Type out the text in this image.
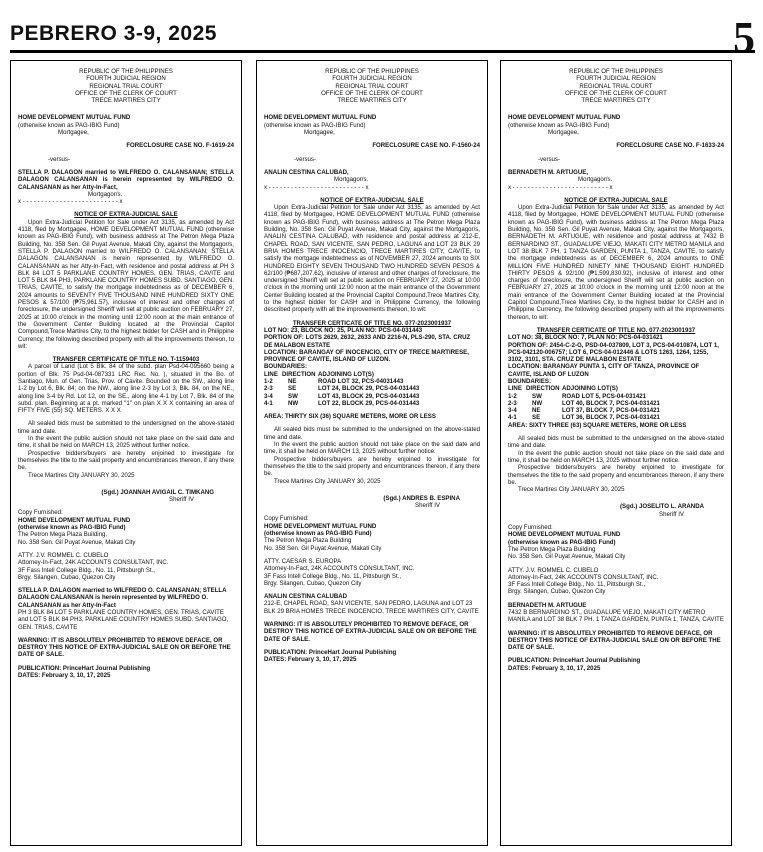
PEBRERO 3-9, 2025	5

REPUBLIC OF THE PHILIPPINES

FOURTH JUDICIAL REGION

REGIONAL TRIAL COURT

OFFICE OF THE CLERK OF COURT

TRECE MARTIRES CITY

HOME DEVELOPMENT MUTUAL FUND

(otherwise known as PAG-IBIG Fund)

Mortgagee,

FORECLOSURE CASE NO. F-1619-24

-versus-

STELLA P. DALAGON married to WILFREDO O. CALANSANAN; STELLA DALAGON CALANSANAN is herein represented by WILFREDO O. CALANSANAN as her Atty-In-Fact,

Mortgagor/s.

x - - - - - - - - - - - - - - - - - - - - - - - - - - x

NOTICE OF EXTRA-JUDICIAL SALE

Upon Extra-Judicial Petition for Sale under Act 3135, as amended by Act 4118, filed by Mortgagee, HOME DEVELOPMENT MUTUAL FUND (otherwise known as PAG-IBIG Fund), with business address at The Petron Mega Plaza Building, No. 358 Sen. Gil Puyat Avenue, Makati City, against the Mortgagor/s, STELLA P. DALAGON married to WILFREDO O. CALANSANAN; STELLA DALAGON CALANSANAN is herein represented by WILFREDO O. CALANSANAN as her Atty-In-Fact, with residence and postal address at PH 3 BLK 84 LOT 5 PARKLANE COUNTRY HOMES, GEN. TRIAS, CAVITE and LOT 5 BLK 84 PH3, PARKLANE COUNTRY HOMES SUBD. SANTIAGO, GEN. TRIAS, CAVITE, to satisfy the mortgage indebtedness as of DECEMBER 6, 2024 amounts to SEVENTY FIVE THOUSAND NINE HUNDRED SIXTY ONE PESOS & 57/100 (₱75,961.57), inclusive of interest and other charges of foreclosure, the undersigned Sheriff will set at public auction on FEBRUARY 27, 2025 at 10:00 o'clock in the morning until 12:00 noon at the main entrance of the Government Center Building located at the Provincial Capitol Compound,Trece Martires City, to the highest bidder for CASH and in Philippine Currency, the following described property with all the improvements thereon, to wit:

TRANSFER CERTIFICATE OF TITLE NO. T-1159403

A parcel of Land (Lot 5 Blk. 84 of the subd. plan Psd-04-095660 being a portion of Blk. 75 Psd-04-087331 LRC Rec. No. ), situated in the Bo. of Santiago, Mun. of Gen. Trias, Prov. of Cavite. Bounded on the SW., along line 1-2 by Lot 6, Blk. 84; on the NW., along line 2-3 by Lot 3, Blk. 84, on the NE., along line 3-4 by Rd. Lot 12, on the SE., along line 4-1 by Lot 7, Blk. 84 of the subd. plan. Beginning at a pt. marked "1" on plan X X X containing an area of FIFTY FIVE (55) SQ. METERS. X X X

All sealed bids must be submitted to the undersigned on the above-stated time and date.

In the event the public auction should not take place on the said date and time, it shall be held on MARCH 13, 2025 without further notice.

Prospective bidders/buyers are hereby enjoined to investigate for themselves the title to the said property and encumbrances thereon, if any there be.

Trece Martires City JANUARY 30, 2025

(Sgd.) JOANNAH AVIGAIL C. TIMKANG

Sheriff IV

Copy Furnished:

HOME DEVELOPMENT MUTUAL FUND

(otherwise known as PAG-IBIG Fund)

The Petron Mega Plaza Building,

No. 358 Sen. Gil Puyat Avenue, Makati City

ATTY. J.V. ROMMEL C. CUBELO

Attorney-In-Fact, 24K ACCOUNTS CONSULTANT, INC.

3F Fass Intell College Bldg., No. 11, Pittsburgh St.,

Brgy. Silangen, Cubao, Quezon City

STELLA P. DALAGON married to WILFREDO O. CALANSANAN; STELLA DALAGON CALANSANAN is herein represented by WILFREDO O. CALANSANAN as her Atty-In-Fact

PH 3 BLK 84 LOT 5 PARKLANE COUNTRY HOMES, GEN. TRIAS, CAVITE and LOT 5 BLK 84 PH3, PARKLANE COUNTRY HOMES SUBD. SANTIAGO, GEN. TRIAS, CAVITE

WARNING: IT IS ABSOLUTELY PROHIBITED TO REMOVE DEFACE, OR DESTROY THIS NOTICE OF EXTRA-JUDICIAL SALE ON OR BEFORE THE DATE OF SALE.

PUBLICATION: PrinceHart Journal Publishing

DATES: February 3, 10, 17, 2025

REPUBLIC OF THE PHILIPPINES

FOURTH JUDICIAL REGION

REGIONAL TRIAL COURT

OFFICE OF THE CLERK OF COURT

TRECE MARTIRES CITY

HOME DEVELOPMENT MUTUAL FUND

(otherwise known as PAG-IBIG Fund)

Mortgagee,

FORECLOSURE CASE NO. F-1560-24

-versus-

ANALIN CESTINA CALUBAD,

Mortgagor/s.

x - - - - - - - - - - - - - - - - - - - - - - - - - - x

NOTICE OF EXTRA-JUDICIAL SALE

Upon Extra-Judicial Petition for Sale under Act 3135, as amended by Act 4118, filed by Mortgagee, HOME DEVELOPMENT MUTUAL FUND (otherwise known as PAG-IBIG Fund), with business address at The Petron Mega Plaza Building, No. 358 Sen. Gil Puyat Avenue, Makati City, against the Mortgagor/s, ANALIN CESTINA CALUBAD, with residence and postal address at 212-E, CHAPEL ROAD, SAN VICENTE, SAN PEDRO, LAGUNA and LOT 23 BLK 29 BRIA HOMES TRECE INOCENCIO, TRECE MARTIRES CITY, CAVITE, to satisfy the mortgage indebtedness as of NOVEMBER 27, 2024 amounts to SIX HUNDRED EIGHTY SEVEN THOUSAND TWO HUNDRED SEVEN PESOS & 62/100 (₱687,207.62), inclusive of interest and other charges of foreclosure, the undersigned Sheriff will set at public auction on FEBRUARY 27, 2025 at 10:00 o'clock in the morning until 12:00 noon at the main entrance of the Government Center Building located at the Provincial Capitol Compound,Trece Martires City, to the highest bidder for CASH and in Philippine Currency, the following described property with all the improvements thereon, to wit:

TRANSFER CERTICATE OF TITLE NO. 077-2023001937

LOT NO: 23, BLOCK NO: 25, PLAN NO: PCS-04-031443

PORTION OF: LOTS 2629, 2632, 2633 AND 2216-N, PLS-290, STA. CRUZ DE MALABON ESTATE

LOCATION: BARANGAY OF INOCENCIO, CITY OF TRECE MARTIRESE, PROVINCE OF CAVITE, ISLAND OF LUZON.

BOUNDARIES:

LINE DIRECTION ADJOINING LOT(S)
1-2	NE	ROAD LOT 32, PCS-04031443
2-3	SE	LOT 24, BLOCK 29, PCS-04-031443
3-4	SW	LOT 43, BLOCK 29, PCS-04-031443
4-1	NW	LOT 22, BLOCK 29, PCS-04-031443

AREA: THIRTY SIX (36) SQUARE METERS, MORE OR LESS

All sealed bids must be submitted to the undersigned on the above-stated time and date.

In the event the public auction should not take place on the said date and time, it shall be held on MARCH 13, 2025 without further notice.

Prospective bidders/buyers are hereby enjoined to investigate for themselves the title to the said property and encumbrances thereon, if any there be.

Trece Martires City JANUARY 30, 2025

(Sgd.) ANDRES B. ESPINA

Sheriff IV

Copy Furnished:

HOME DEVELOPMENT MUTUAL FUND

(otherwise known as PAG-IBIG Fund)

The Petron Mega Plaza Building

No. 358 Sen. Gil Puyat Avenue, Makati City

ATTY. CAESAR S. EUROPA

Attorney-In-Fact, 24K ACCOUNTS CONSULTANT, INC.

3F Fass Intell College Bldg., No. 11, Pittsburgh St.,

Brgy. Silangen, Cubao, Quezon City

ANALIN CESTINA CALUBAD

212-E, CHAPEL ROAD, SAN VICENTE, SAN PEDRO, LAGUNA and LOT 23 BLK 29 BRIA HOMES TRECE INOCENCIO, TRECE MARTIRES CITY, CAVITE

WARNING: IT IS ABSOLUTELY PROHIBITED TO REMOVE DEFACE, OR DESTROY THIS NOTICE OF EXTRA-JUDICIAL SALE ON OR BEFORE THE DATE OF SALE.

PUBLICATION: PrinceHart Journal Publishing

DATES: February 3, 10, 17, 2025

REPUBLIC OF THE PHILIPPINES

FOURTH JUDICIAL REGION

REGIONAL TRIAL COURT

OFFICE OF THE CLERK OF COURT

TRECE MARTIRES CITY

HOME DEVELOPMENT MUTUAL FUND

(otherwise known as PAG-IBIG Fund)

Mortgagee,

FORECLOSURE CASE NO. F-1633-24

-versus-

BERNADETH M. ARTUGUE,

Mortgagor/s.

x - - - - - - - - - - - - - - - - - - - - - - - - - - x

NOTICE OF EXTRA-JUDICIAL SALE

Upon Extra-Judicial Petition for Sale under Act 3135, as amended by Act 4118, filed by Mortgagee, HOME DEVELOPMENT MUTUAL FUND (otherwise known as PAG-IBIG Fund), with business address at The Petron Mega Plaza Building, No. 358 Sen. Gil Puyat Avenue, Makati City, against the Mortgagor/s, BERNADETH M. ARTUGUE, with residence and postal address at 7432 B BERNARDINO ST., GUADALUPE VIEJO, MAKATI CITY METRO MANILA and LOT 38 BLK 7 PH. 1 TANZA GARDEN, PUNTA 1, TANZA, CAVITE, to satisfy the mortgage indebtedness as of DECEMBER 6, 2024 amounts to ONE MILLION FIVE HUNDRED NINETY NINE THOUSAND EIGHT HUNDRED THIRTY PESOS & 92/100 (₱1,599,830.92), inclusive of interest and other charges of foreclosure, the undersigned Sheriff will set at public auction on FEBRUARY 27, 2025 at 10:00 o'clock in the morning until 12:00 noon at the main entrance of the Government Center Building located at the Provincial Capitol Compound,Trece Martires City, to the highest bidder for CASH and in Philippine Currency, the following described property with all the improvements thereon, to wit:

TRANSFER CERTICATE OF TITLE NO. 077-2023001937

LOT NO: 38, BLOCK NO: 7, PLAN NO: PCS-04-031421

PORTION OF: 2454-C-2-G, PSD-04-037809, LOT 3, PCS-04-010874, LOT 1, PCS-042120-006757; LOT 6, PCS-04-012446 & LOTS 1263, 1264, 1255, 3102, 3101, STA. CRUZ DE MALABON ESTATE

LOCATION: BARANGAY PUNTA 1, CITY OF TANZA, PROVINCE OF CAVITE, ISLAND OF LUZON

BOUNDARIES:

LINE DIRECTION ADJOINING LOT(S)
1-2	SW	ROAD LOT 5, PCS-04-031421
2-3	NW	LOT 40, BLOCK 7, PCS-04-031421
3-4	NE	LOT 37, BLOCK 7, PCS-04-031421
4-1	SE	LOT 36, BLOCK 7, PCS-04-031421

AREA: SIXTY THREE (63) SQUARE METERS, MORE OR LESS

All sealed bids must be submitted to the undersigned on the above-stated time and date.

In the event the public auction should not take place on the said date and time, it shall be held on MARCH 13, 2025 without further notice.

Prospective bidders/buyers are hereby enjoined to investigate for themselves the title to the said property and encumbrances thereon, if any there be.

Trece Martires City JANUARY 30, 2025

(Sgd.) JOSELITO L. ARANDA

Sheriff IV

Copy Furnished:

HOME DEVELOPMENT MUTUAL FUND

(otherwise known as PAG-IBIG Fund)

The Petron Mega Plaza Building

No. 358 Sen. Gil Puyat Avenue, Makati City

ATTY. J.V. ROMMEL C. CUBELO

Attorney-In-Fact, 24K ACCOUNTS CONSULTANT, INC.

3F Fass Intell College Bldg., No. 11, Pittsburgh St.,

Brgy. Silangen, Cubao, Quezon City

BERNADETH M. ARTUGUE

7432 B BERNARDINO ST., GUADALUPE VIEJO, MAKATI CITY METRO MANILA and LOT 38 BLK 7 PH. 1 TANZA GARDEN, PUNTA 1, TANZA, CAVITE

WARNING: IT IS ABSOLUTELY PROHIBITED TO REMOVE DEFACE, OR DESTROY THIS NOTICE OF EXTRA-JUDICIAL SALE ON OR BEFORE THE DATE OF SALE.

PUBLICATION: PrinceHart Journal Publishing

DATES: February 3, 10, 17, 2025
